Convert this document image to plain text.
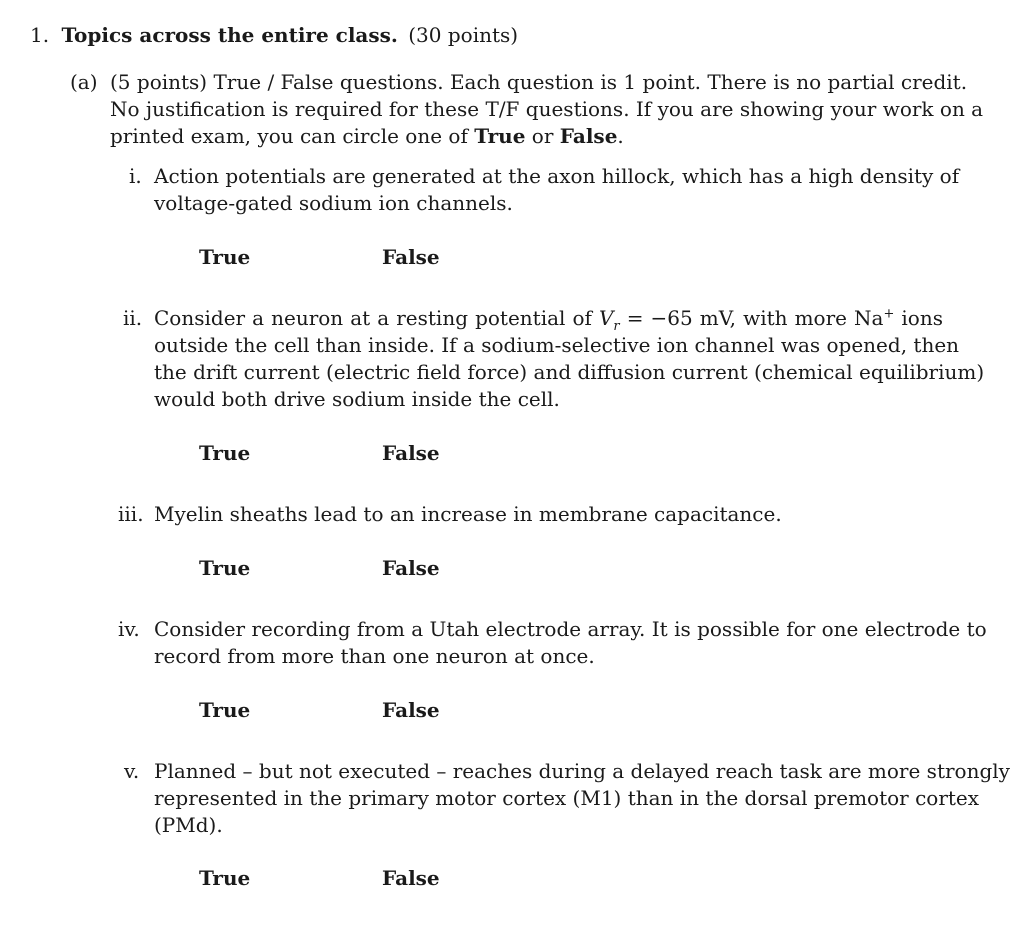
1. Topics across the entire class. (30 points)
(a) (5 points) True / False questions. Each question is 1 point. There is no partial credit.
No justification is required for these T/F questions. If you are showing your work on a
printed exam, you can circle one of True or False.
i. Action potentials are generated at the axon hillock, which has a high density of
voltage-gated sodium ion channels.
True	False
ii. Consider a neuron at a resting potential of $V_r = -65$ mV, with more Na+ ions
outside the cell than inside. If a sodium-selective ion channel was opened, then
the drift current (electric field force) and diffusion current (chemical equilibrium)
would both drive sodium inside the cell.
True	False
iii. Myelin sheaths lead to an increase in membrane capacitance.
True	False
iv. Consider recording from a Utah electrode array. It is possible for one electrode to
record from more than one neuron at once.
True	False
v. Planned – but not executed – reaches during a delayed reach task are more strongly
represented in the primary motor cortex (M1) than in the dorsal premotor cortex
(PMd).
True	False
